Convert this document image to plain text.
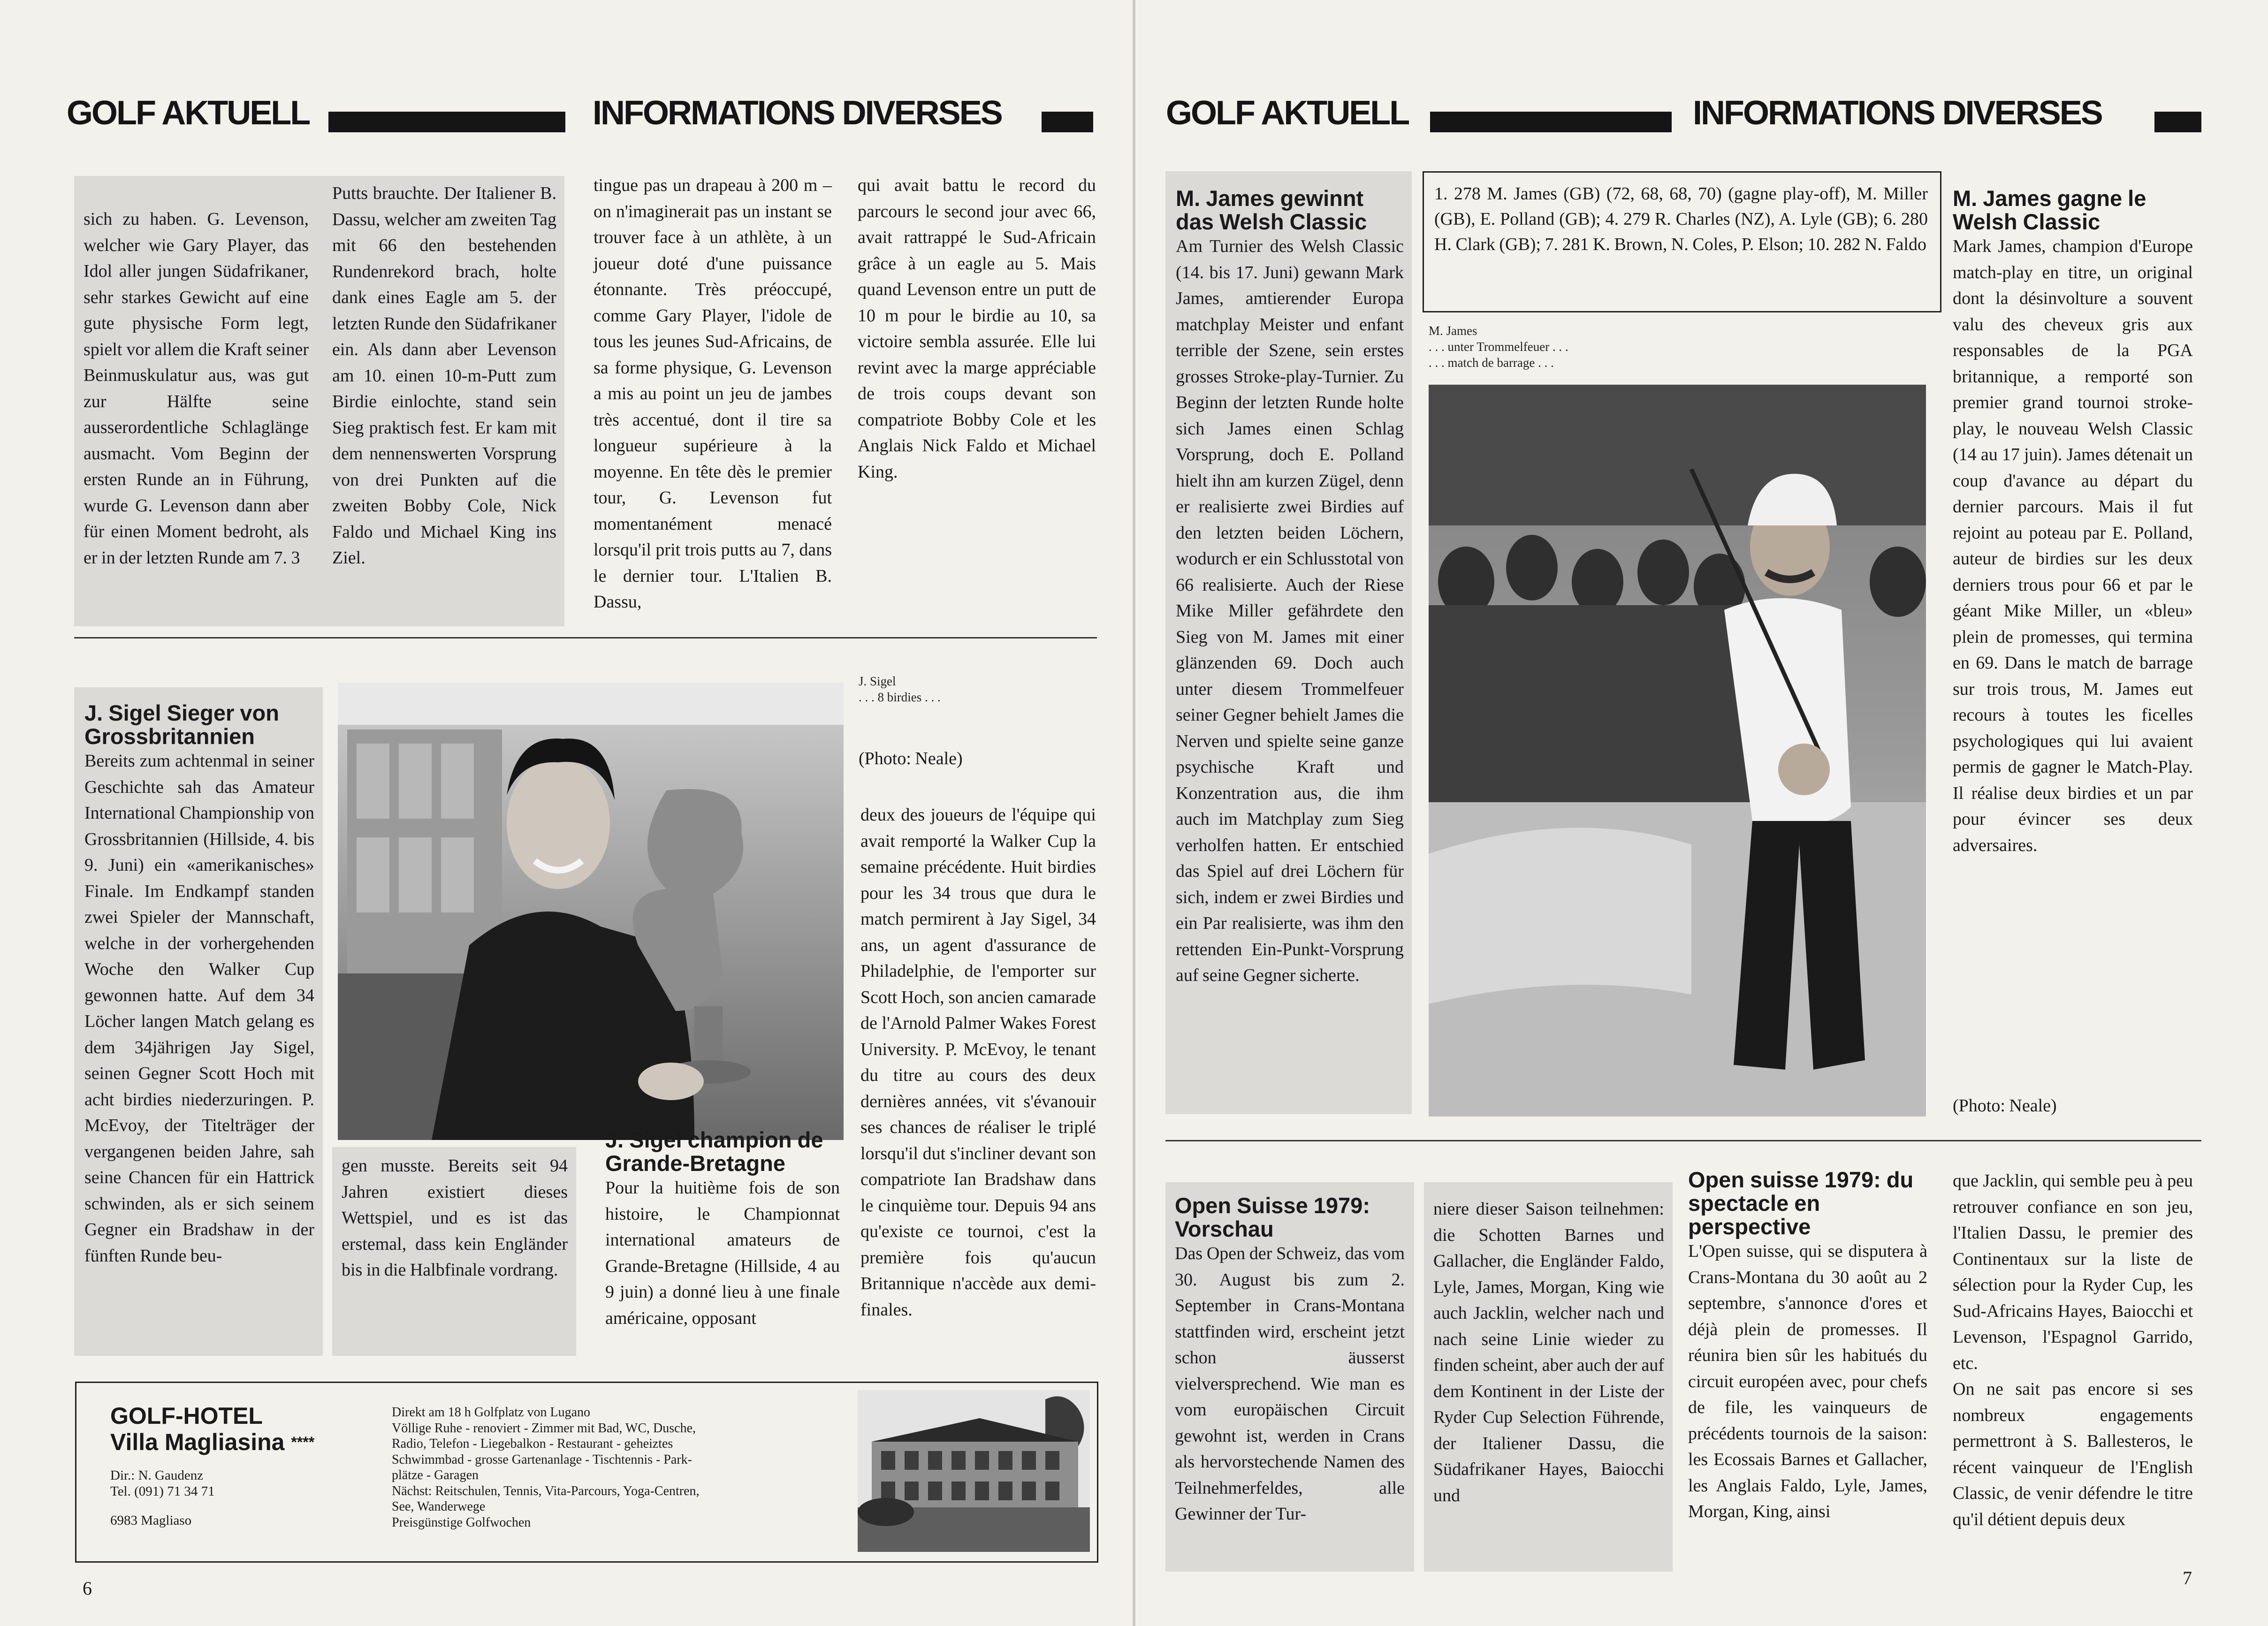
GOLF AKTUELL	INFORMATIONS DIVERSES

sich zu haben. G. Levenson, welcher wie Gary Player, das Idol aller jungen Südafrikaner, sehr starkes Gewicht auf eine gute physische Form legt, spielt vor allem die Kraft seiner Beinmuskulatur aus, was gut zur Hälfte seine ausserordentliche Schlaglänge ausmacht. Vom Beginn der ersten Runde an in Führung, wurde G. Levenson dann aber für einen Moment bedroht, als er in der letzten Runde am 7. 3

Putts brauchte. Der Italiener B. Dassu, welcher am zweiten Tag mit 66 den bestehenden Rundenrekord brach, holte dank eines Eagle am 5. der letzten Runde den Südafrikaner ein. Als dann aber Levenson am 10. einen 10-m-Putt zum Birdie einlochte, stand sein Sieg praktisch fest. Er kam mit dem nennenswerten Vorsprung von drei Punkten auf die zweiten Bobby Cole, Nick Faldo und Michael King ins Ziel.

tingue pas un drapeau à 200 m – on n'imaginerait pas un instant se trouver face à un athlète, à un joueur doté d'une puissance étonnante. Très préoccupé, comme Gary Player, l'idole de tous les jeunes Sud-Africains, de sa forme physique, G. Levenson a mis au point un jeu de jambes très accentué, dont il tire sa longueur supérieure à la moyenne. En tête dès le premier tour, G. Levenson fut momentanément menacé lorsqu'il prit trois putts au 7, dans le dernier tour. L'Italien B. Dassu,

qui avait battu le record du parcours le second jour avec 66, avait rattrappé le Sud-Africain grâce à un eagle au 5. Mais quand Levenson entre un putt de 10 m pour le birdie au 10, sa victoire sembla assurée. Elle lui revint avec la marge appréciable de trois coups devant son compatriote Bobby Cole et les Anglais Nick Faldo et Michael King.

J. Sigel Sieger von Grossbritannien

Bereits zum achtenmal in seiner Geschichte sah das Amateur International Championship von Grossbritannien (Hillside, 4. bis 9. Juni) ein «amerikanisches» Finale. Im Endkampf standen zwei Spieler der Mannschaft, welche in der vorhergehenden Woche den Walker Cup gewonnen hatte. Auf dem 34 Löcher langen Match gelang es dem 34jährigen Jay Sigel, seinen Gegner Scott Hoch mit acht birdies niederzuringen. P. McEvoy, der Titelträger der vergangenen beiden Jahre, sah seine Chancen für ein Hattrick schwinden, als er sich seinem Gegner ein Bradshaw in der fünften Runde beu-

gen musste. Bereits seit 94 Jahren existiert dieses Wettspiel, und es ist das erstemal, dass kein Engländer bis in die Halbfinale vordrang.

J. Sigel
. . . 8 birdies . . .

(Photo: Neale)

J. Sigel champion de Grande-Bretagne

Pour la huitième fois de son histoire, le Championnat international amateurs de Grande-Bretagne (Hillside, 4 au 9 juin) a donné lieu à une finale américaine, opposant

deux des joueurs de l'équipe qui avait remporté la Walker Cup la semaine précédente. Huit birdies pour les 34 trous que dura le match permirent à Jay Sigel, 34 ans, un agent d'assurance de Philadelphie, de l'emporter sur Scott Hoch, son ancien camarade de l'Arnold Palmer Wakes Forest University. P. McEvoy, le tenant du titre au cours des deux dernières années, vit s'évanouir ses chances de réaliser le triplé lorsqu'il dut s'incliner devant son compatriote Ian Bradshaw dans le cinquième tour. Depuis 94 ans qu'existe ce tournoi, c'est la première fois qu'aucun Britannique n'accède aux demi-finales.

GOLF-HOTEL
Villa Magliasina ****
Dir.: N. Gaudenz
Tel. (091) 71 34 71
6983 Magliaso
Direkt am 18 h Golfplatz von Lugano
Völlige Ruhe - renoviert - Zimmer mit Bad, WC, Dusche,
Radio, Telefon - Liegebalkon - Restaurant - geheiztes
Schwimmbad - grosse Gartenanlage - Tischtennis - Park-
plätze - Garagen
Nächst: Reitschulen, Tennis, Vita-Parcours, Yoga-Centren,
See, Wanderwege
Preisgünstige Golfwochen
6
GOLF AKTUELL	INFORMATIONS DIVERSES

M. James gewinnt das Welsh Classic

Am Turnier des Welsh Classic (14. bis 17. Juni) gewann Mark James, amtierender Europa matchplay Meister und enfant terrible der Szene, sein erstes grosses Stroke-play-Turnier. Zu Beginn der letzten Runde holte sich James einen Schlag Vorsprung, doch E. Polland hielt ihn am kurzen Zügel, denn er realisierte zwei Birdies auf den letzten beiden Löchern, wodurch er ein Schlusstotal von 66 realisierte. Auch der Riese Mike Miller gefährdete den Sieg von M. James mit einer glänzenden 69. Doch auch unter diesem Trommelfeuer seiner Gegner behielt James die Nerven und spielte seine ganze psychische Kraft und Konzentration aus, die ihm auch im Matchplay zum Sieg verholfen hatten. Er entschied das Spiel auf drei Löchern für sich, indem er zwei Birdies und ein Par realisierte, was ihm den rettenden Ein-Punkt-Vorsprung auf seine Gegner sicherte.

1. 278 M. James (GB) (72, 68, 68, 70) (gagne play-off), M. Miller (GB), E. Polland (GB); 4. 279 R. Charles (NZ), A. Lyle (GB); 6. 280 H. Clark (GB); 7. 281 K. Brown, N. Coles, P. Elson; 10. 282 N. Faldo

M. James
. . . unter Trommelfeuer . . .
. . . match de barrage . . .

M. James gagne le Welsh Classic

Mark James, champion d'Europe match-play en titre, un original dont la désinvolture a souvent valu des cheveux gris aux responsables de la PGA britannique, a remporté son premier grand tournoi stroke-play, le nouveau Welsh Classic (14 au 17 juin). James détenait un coup d'avance au départ du dernier parcours. Mais il fut rejoint au poteau par E. Polland, auteur de birdies sur les deux derniers trous pour 66 et par le géant Mike Miller, un «bleu» plein de promesses, qui termina en 69. Dans le match de barrage sur trois trous, M. James eut recours à toutes les ficelles psychologiques qui lui avaient permis de gagner le Match-Play. Il réalise deux birdies et un par pour évincer ses deux adversaires.

(Photo: Neale)

Open Suisse 1979: Vorschau

Das Open der Schweiz, das vom 30. August bis zum 2. September in Crans-Montana stattfinden wird, erscheint jetzt schon äusserst vielversprechend. Wie man es vom europäischen Circuit gewohnt ist, werden in Crans als hervorstechende Namen des Teilnehmerfeldes, alle Gewinner der Tur-

niere dieser Saison teilnehmen: die Schotten Barnes und Gallacher, die Engländer Faldo, Lyle, James, Morgan, King wie auch Jacklin, welcher nach und nach seine Linie wieder zu finden scheint, aber auch der auf dem Kontinent in der Liste der Ryder Cup Selection Führende, der Italiener Dassu, die Südafrikaner Hayes, Baiocchi und

Open suisse 1979: du spectacle en perspective

L'Open suisse, qui se disputera à Crans-Montana du 30 août au 2 septembre, s'annonce d'ores et déjà plein de promesses. Il réunira bien sûr les habitués du circuit européen avec, pour chefs de file, les vainqueurs de précédents tournois de la saison: les Ecossais Barnes et Gallacher, les Anglais Faldo, Lyle, James, Morgan, King, ainsi

que Jacklin, qui semble peu à peu retrouver confiance en son jeu, l'Italien Dassu, le premier des Continentaux sur la liste de sélection pour la Ryder Cup, les Sud-Africains Hayes, Baiocchi et Levenson, l'Espagnol Garrido, etc.

On ne sait pas encore si ses nombreux engagements permettront à S. Ballesteros, le récent vainqueur de l'English Classic, de venir défendre le titre qu'il détient depuis deux

7
